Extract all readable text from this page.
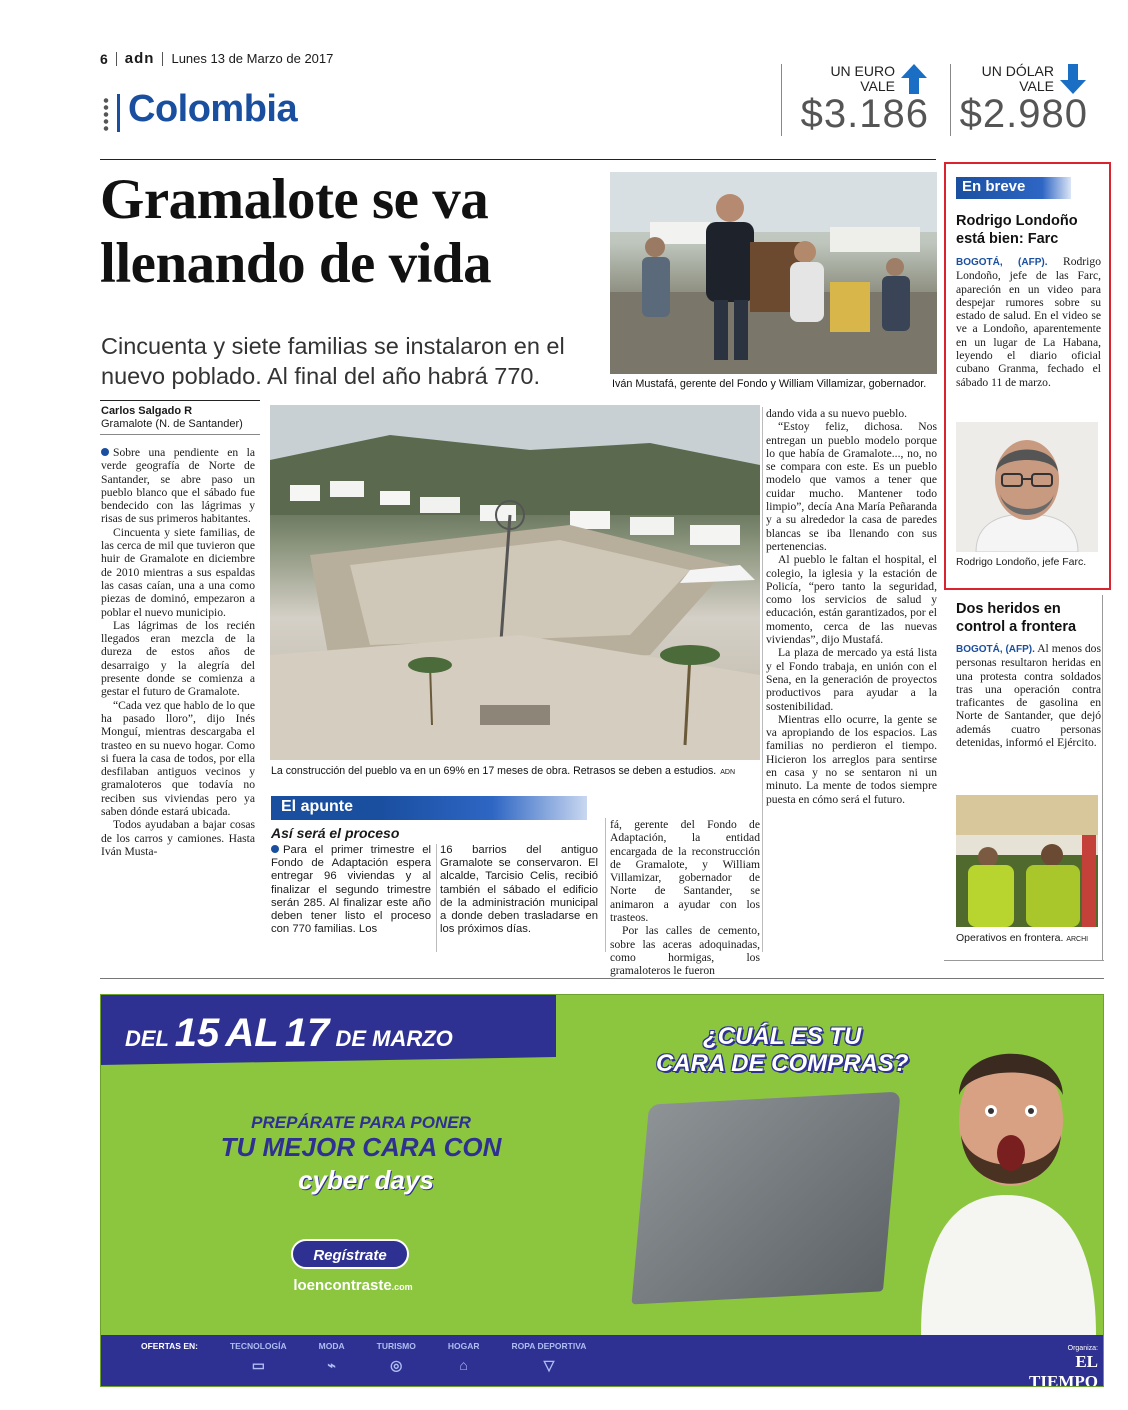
6 adn Lunes 13 de Marzo de 2017
Colombia
UN EURO
VALE
$3.186
UN DÓLAR
VALE
$2.980
Gramalote se va
llenando de vida
Cincuenta y siete familias se instalaron en el nuevo poblado. Al final del año habrá 770.
Carlos Salgado R
Gramalote (N. de Santander)

Sobre una pendiente en la verde geografía de Norte de Santander, se abre paso un pueblo blanco que el sábado fue bendecido con las lágrimas y risas de sus primeros habitantes.

Cincuenta y siete familias, de las cerca de mil que tuvieron que huir de Gramalote en diciembre de 2010 mientras a sus espaldas las casas caían, una a una como piezas de dominó, empezaron a poblar el nuevo municipio.

Las lágrimas de los recién llegados eran mezcla de la dureza de estos años de desarraigo y la alegría del presente donde se comienza a gestar el futuro de Gramalote.

“Cada vez que hablo de lo que ha pasado lloro”, dijo Inés Monguí, mientras descargaba el trasteo en su nuevo hogar. Como si fuera la casa de todos, por ella desfilaban antiguos vecinos y gramaloteros que todavía no reciben sus viviendas pero ya saben dónde estará ubicada.

Todos ayudaban a bajar cosas de los carros y camiones. Hasta Iván Musta-

Iván Mustafá, gerente del Fondo y William Villamizar, gobernador.
La construcción del pueblo va en un 69% en 17 meses de obra. Retrasos se deben a estudios. ADN
El apunte
Así será el proceso

Para el primer trimestre el Fondo de Adaptación espera entregar 96 viviendas y al finalizar el segundo trimestre serán 285. Al finalizar este año deben tener listo el proceso con 770 familias. Los

16 barrios del antiguo Gramalote se conservaron. El alcalde, Tarcisio Celis, recibió también el sábado el edificio de la administración municipal a donde deben trasladarse en los próximos días.

fá, gerente del Fondo de Adaptación, la entidad encargada de la reconstrucción de Gramalote, y William Villamizar, gobernador de Norte de Santander, se animaron a ayudar con los trasteos.

Por las calles de cemento, sobre las aceras adoquinadas, como hormigas, los gramaloteros le fueron

dando vida a su nuevo pueblo.

“Estoy feliz, dichosa. Nos entregan un pueblo modelo porque lo que había de Gramalote..., no, no se compara con este. Es un pueblo modelo que vamos a tener que cuidar mucho. Mantener todo limpio”, decía Ana María Peñaranda y a su alrededor la casa de paredes blancas se iba llenando con sus pertenencias.

Al pueblo le faltan el hospital, el colegio, la iglesia y la estación de Policía, “pero tanto la seguridad, como los servicios de salud y educación, están garantizados, por el momento, cerca de las nuevas viviendas”, dijo Mustafá.

La plaza de mercado ya está lista y el Fondo trabaja, en unión con el Sena, en la generación de proyectos productivos para ayudar a la sostenibilidad.

Mientras ello ocurre, la gente se va apropiando de los espacios. Las familias no perdieron el tiempo. Hicieron los arreglos para sentirse en casa y no se sentaron ni un minuto. La mente de todos siempre puesta en cómo será el futuro.

En breve
Rodrigo Londoño está bien: Farc

BOGOTÁ, (AFP). Rodrigo Londoño, jefe de las Farc, apareción en un video para despejar rumores sobre su estado de salud. En el video se ve a Londoño, aparentemente en un lugar de La Habana, leyendo el diario oficial cubano Granma, fechado el sábado 11 de marzo.

Rodrigo Londoño, jefe Farc.
Dos heridos en control a frontera

BOGOTÁ, (AFP). Al menos dos personas resultaron heridas en una protesta contra soldados tras una operación contra traficantes de gasolina en Norte de Santander, que dejó además cuatro personas detenidas, informó el Ejército.

Operativos en frontera. ARCHI
DEL 15 AL 17 DE MARZO	¿CUÁL ES TU
CARA DE COMPRAS?
PREPÁRATE PARA PONER
TU MEJOR CARA CON
cyber days
Regístrate
loencontraste.com
OFERTAS EN:	TECNOLOGÍA
▭
MODA
⌁
TURISMO
◎
HOGAR
⌂
ROPA DEPORTIVA
▽
Organiza:
EL TIEMPO
